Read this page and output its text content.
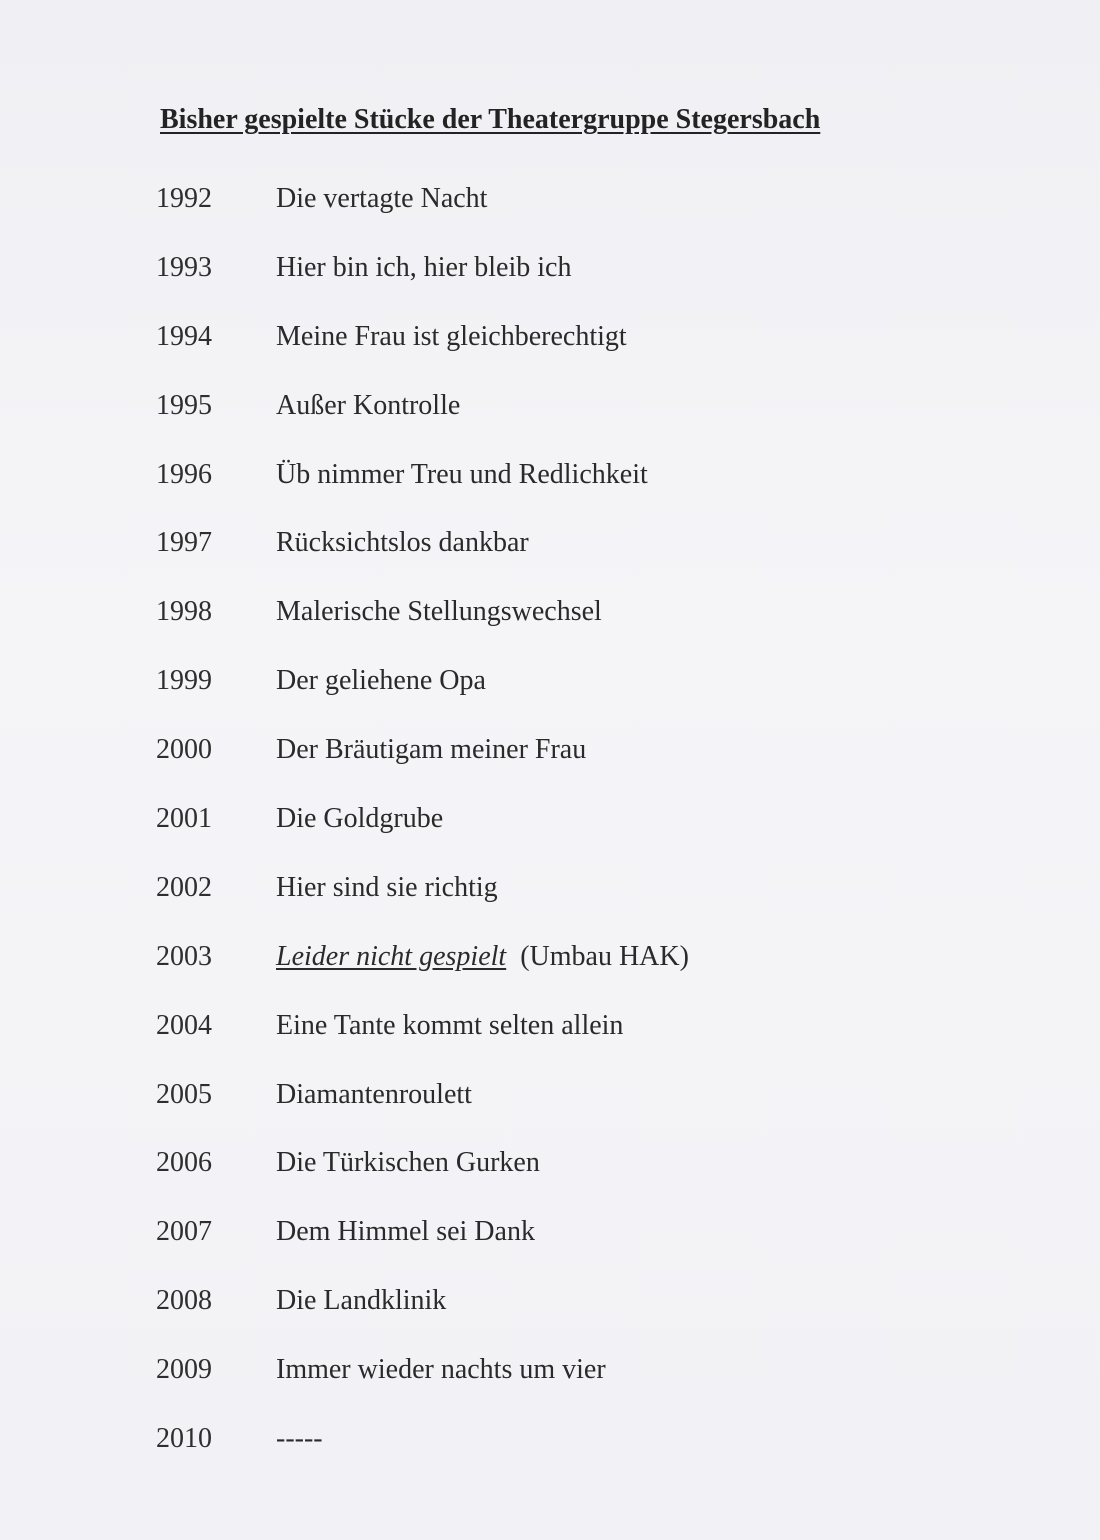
Bisher gespielte Stücke der Theatergruppe Stegersbach
1992	Die vertagte Nacht
1993	Hier bin ich, hier bleib ich
1994	Meine Frau ist gleichberechtigt
1995	Außer Kontrolle
1996	Üb nimmer Treu und Redlichkeit
1997	Rücksichtslos dankbar
1998	Malerische Stellungswechsel
1999	Der geliehene Opa
2000	Der Bräutigam meiner Frau
2001	Die Goldgrube
2002	Hier sind sie richtig
2003	Leider nicht gespielt (Umbau HAK)
2004	Eine Tante kommt selten allein
2005	Diamantenroulett
2006	Die Türkischen Gurken
2007	Dem Himmel sei Dank
2008	Die Landklinik
2009	Immer wieder nachts um vier
2010	-----
